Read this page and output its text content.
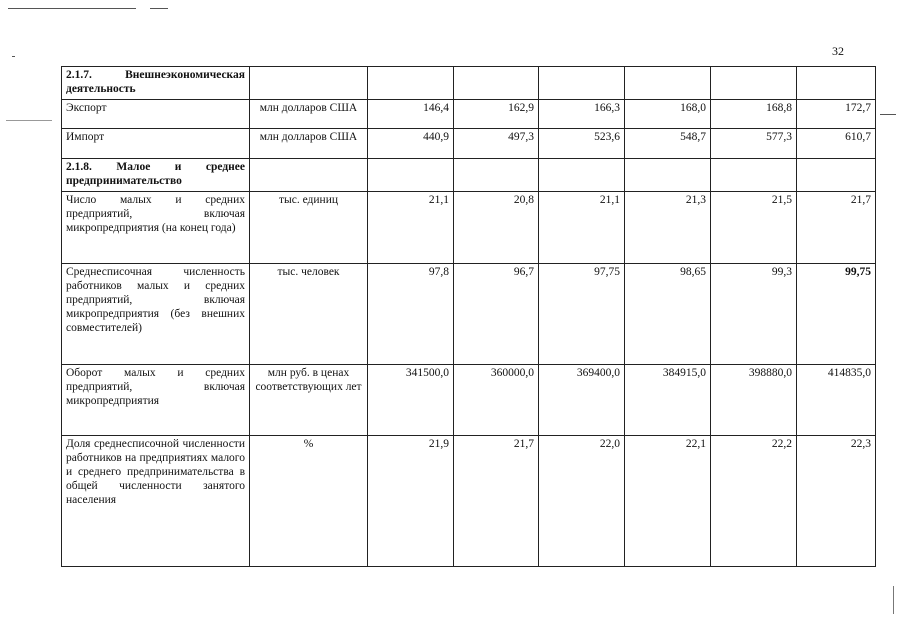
32
2.1.7. Внешнеэкономическая деятельность							
Экспорт	млн долларов США	146,4	162,9	166,3	168,0	168,8	172,7
Импорт	млн долларов США	440,9	497,3	523,6	548,7	577,3	610,7
2.1.8. Малое и среднее предпринимательство							
Число малых и средних предприятий, включая микропредприятия (на конец года)	тыс. единиц	21,1	20,8	21,1	21,3	21,5	21,7
Среднесписочная численность работников малых и средних предприятий, включая микропредприятия (без внешних совместителей)	тыс. человек	97,8	96,7	97,75	98,65	99,3	99,75
Оборот малых и средних предприятий, включая микропредприятия	млн руб. в ценах соответствующих лет	341500,0	360000,0	369400,0	384915,0	398880,0	414835,0
Доля среднесписочной численности работников на предприятиях малого и среднего предпринимательства в общей численности занятого населения	%	21,9	21,7	22,0	22,1	22,2	22,3
